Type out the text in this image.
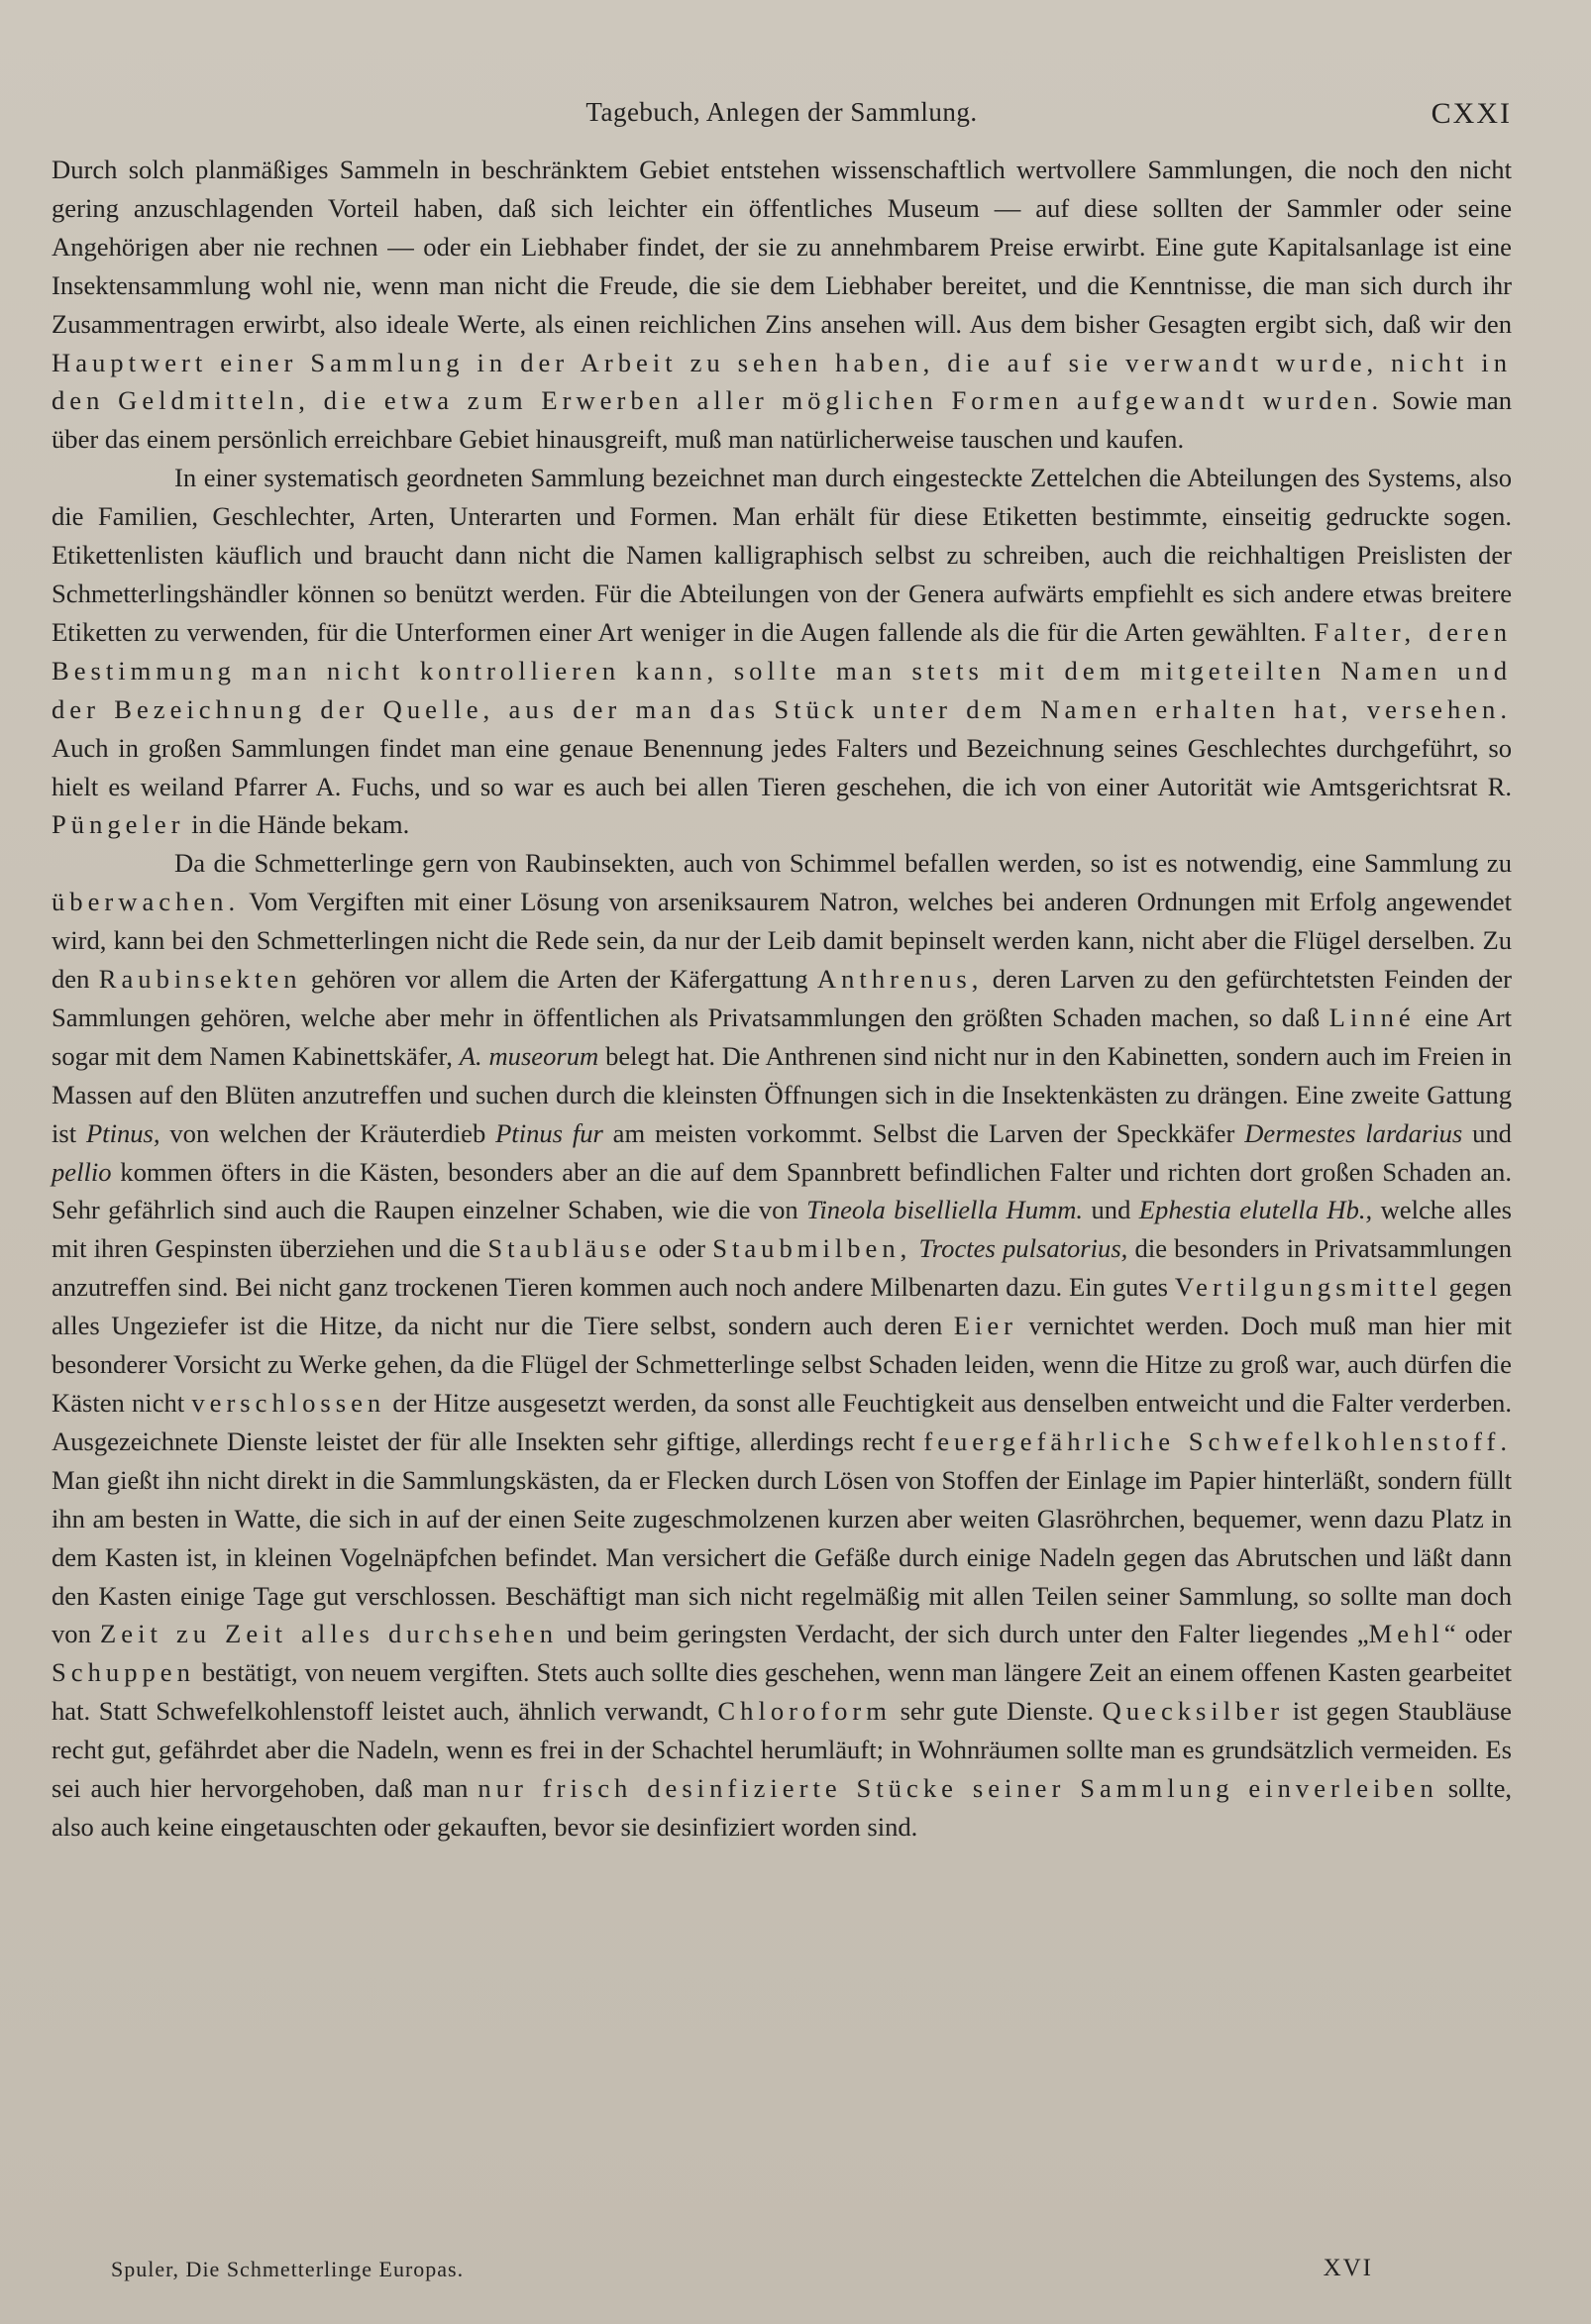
Tagebuch, Anlegen der Sammlung.	CXXI

Durch solch planmäßiges Sammeln in beschränktem Gebiet entstehen wissenschaftlich wertvollere Sammlungen, die noch den nicht gering anzuschlagenden Vorteil haben, daß sich leichter ein öffentliches Museum — auf diese sollten der Sammler oder seine Angehörigen aber nie rechnen — oder ein Liebhaber findet, der sie zu annehmbarem Preise erwirbt. Eine gute Kapitalsanlage ist eine Insektensammlung wohl nie, wenn man nicht die Freude, die sie dem Liebhaber bereitet, und die Kenntnisse, die man sich durch ihr Zusammentragen erwirbt, also ideale Werte, als einen reichlichen Zins ansehen will. Aus dem bisher Gesagten ergibt sich, daß wir den Hauptwert einer Sammlung in der Arbeit zu sehen haben, die auf sie verwandt wurde, nicht in den Geldmitteln, die etwa zum Erwerben aller möglichen Formen aufgewandt wurden. Sowie man über das einem persönlich erreichbare Gebiet hinausgreift, muß man natürlicherweise tauschen und kaufen.

In einer systematisch geordneten Sammlung bezeichnet man durch eingesteckte Zettelchen die Abteilungen des Systems, also die Familien, Geschlechter, Arten, Unterarten und Formen. Man erhält für diese Etiketten bestimmte, einseitig gedruckte sogen. Etikettenlisten käuflich und braucht dann nicht die Namen kalligraphisch selbst zu schreiben, auch die reichhaltigen Preislisten der Schmetterlingshändler können so benützt werden. Für die Abteilungen von der Genera aufwärts empfiehlt es sich andere etwas breitere Etiketten zu verwenden, für die Unterformen einer Art weniger in die Augen fallende als die für die Arten gewählten. Falter, deren Bestimmung man nicht kontrollieren kann, sollte man stets mit dem mitgeteilten Namen und der Bezeichnung der Quelle, aus der man das Stück unter dem Namen erhalten hat, versehen. Auch in großen Sammlungen findet man eine genaue Benennung jedes Falters und Bezeichnung seines Geschlechtes durchgeführt, so hielt es weiland Pfarrer A. Fuchs, und so war es auch bei allen Tieren geschehen, die ich von einer Autorität wie Amtsgerichtsrat R. Püngeler in die Hände bekam.

Da die Schmetterlinge gern von Raubinsekten, auch von Schimmel befallen werden, so ist es notwendig, eine Sammlung zu überwachen. Vom Vergiften mit einer Lösung von arseniksaurem Natron, welches bei anderen Ordnungen mit Erfolg angewendet wird, kann bei den Schmetterlingen nicht die Rede sein, da nur der Leib damit bepinselt werden kann, nicht aber die Flügel derselben. Zu den Raubinsekten gehören vor allem die Arten der Käfergattung Anthrenus, deren Larven zu den gefürchtetsten Feinden der Sammlungen gehören, welche aber mehr in öffentlichen als Privatsammlungen den größten Schaden machen, so daß Linné eine Art sogar mit dem Namen Kabinettskäfer, A. museorum belegt hat. Die Anthrenen sind nicht nur in den Kabinetten, sondern auch im Freien in Massen auf den Blüten anzutreffen und suchen durch die kleinsten Öffnungen sich in die Insektenkästen zu drängen. Eine zweite Gattung ist Ptinus, von welchen der Kräuterdieb Ptinus fur am meisten vorkommt. Selbst die Larven der Speckkäfer Dermestes lardarius und pellio kommen öfters in die Kästen, besonders aber an die auf dem Spannbrett befindlichen Falter und richten dort großen Schaden an. Sehr gefährlich sind auch die Raupen einzelner Schaben, wie die von Tineola biselliella Humm. und Ephestia elutella Hb., welche alles mit ihren Gespinsten überziehen und die Staubläuse oder Staubmilben, Troctes pulsatorius, die besonders in Privatsammlungen anzutreffen sind. Bei nicht ganz trockenen Tieren kommen auch noch andere Milbenarten dazu. Ein gutes Vertilgungsmittel gegen alles Ungeziefer ist die Hitze, da nicht nur die Tiere selbst, sondern auch deren Eier vernichtet werden. Doch muß man hier mit besonderer Vorsicht zu Werke gehen, da die Flügel der Schmetterlinge selbst Schaden leiden, wenn die Hitze zu groß war, auch dürfen die Kästen nicht verschlossen der Hitze ausgesetzt werden, da sonst alle Feuchtigkeit aus denselben entweicht und die Falter verderben. Ausgezeichnete Dienste leistet der für alle Insekten sehr giftige, allerdings recht feuergefährliche Schwefelkohlenstoff. Man gießt ihn nicht direkt in die Sammlungskästen, da er Flecken durch Lösen von Stoffen der Einlage im Papier hinterläßt, sondern füllt ihn am besten in Watte, die sich in auf der einen Seite zugeschmolzenen kurzen aber weiten Glasröhrchen, bequemer, wenn dazu Platz in dem Kasten ist, in kleinen Vogelnäpfchen befindet. Man versichert die Gefäße durch einige Nadeln gegen das Abrutschen und läßt dann den Kasten einige Tage gut verschlossen. Beschäftigt man sich nicht regelmäßig mit allen Teilen seiner Sammlung, so sollte man doch von Zeit zu Zeit alles durchsehen und beim geringsten Verdacht, der sich durch unter den Falter liegendes „Mehl“ oder Schuppen bestätigt, von neuem vergiften. Stets auch sollte dies geschehen, wenn man längere Zeit an einem offenen Kasten gearbeitet hat. Statt Schwefelkohlenstoff leistet auch, ähnlich verwandt, Chloroform sehr gute Dienste. Quecksilber ist gegen Staubläuse recht gut, gefährdet aber die Nadeln, wenn es frei in der Schachtel herumläuft; in Wohnräumen sollte man es grundsätzlich vermeiden. Es sei auch hier hervorgehoben, daß man nur frisch desinfizierte Stücke seiner Sammlung einverleiben sollte, also auch keine eingetauschten oder gekauften, bevor sie desinfiziert worden sind.

Spuler, Die Schmetterlinge Europas.	XVI
